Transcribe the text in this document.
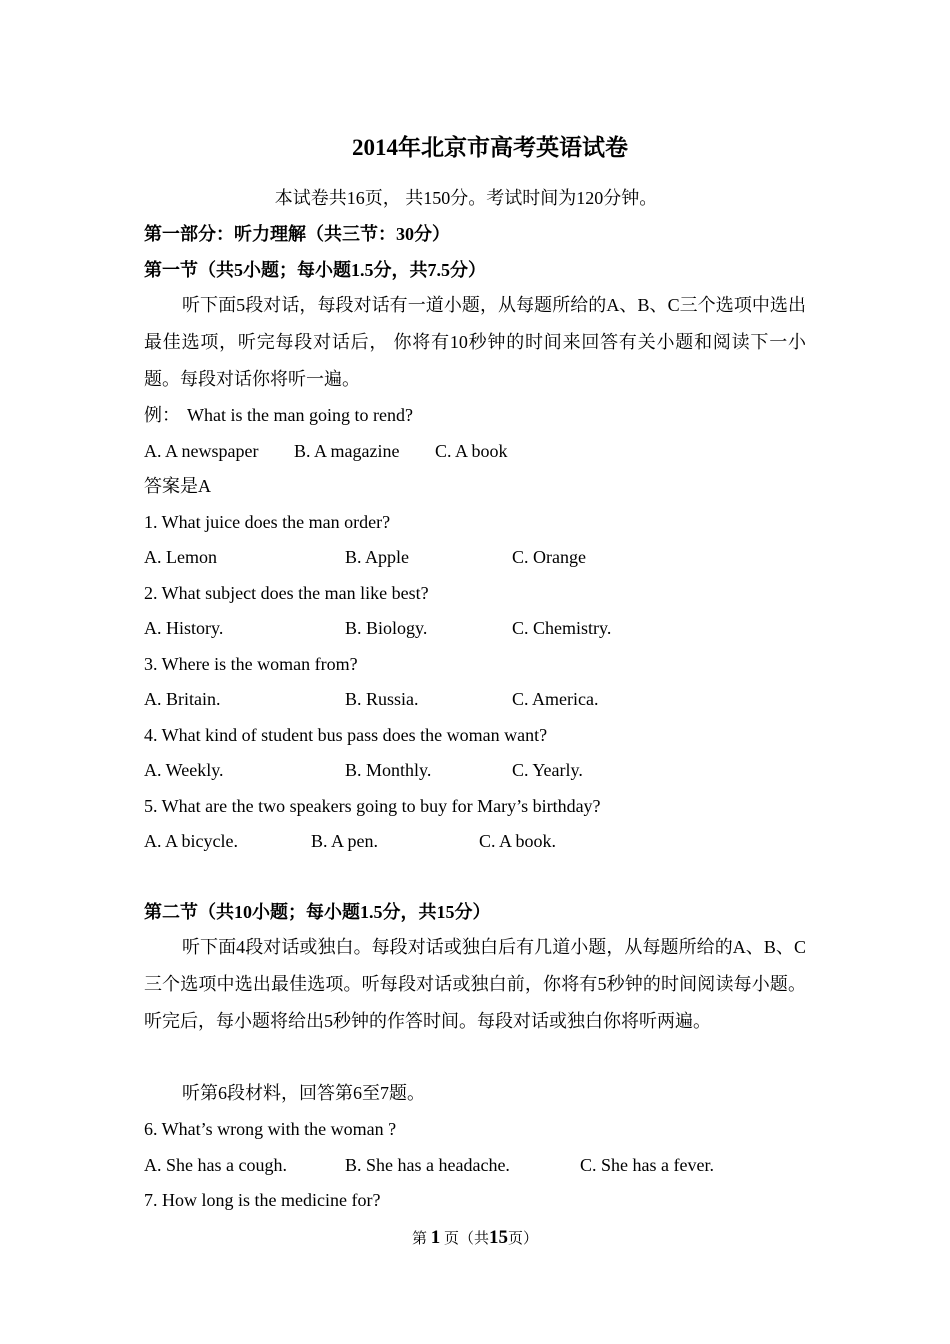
2014年北京市高考英语试卷
本试卷共16页， 共150分。考试时间为120分钟。
第一部分：听力理解（共三节：30分）
第一节（共5小题；每小题1.5分，共7.5分）
听下面5段对话，每段对话有一道小题，从每题所给的A、B、C三个选项中选出最佳选项，听完每段对话后， 你将有10秒钟的时间来回答有关小题和阅读下一小题。每段对话你将听一遍。
例： What is the man going to rend?
A. A newspaper B. A magazine C. A book
答案是A
1. What juice does the man order?
A. Lemon	B. Apple	C. Orange
2. What subject does the man like best?
A. History.	B. Biology.	C. Chemistry.
3. Where is the woman from?
A. Britain.	B. Russia.	C. America.
4. What kind of student bus pass does the woman want?
A. Weekly.	B. Monthly.	C. Yearly.
5. What are the two speakers going to buy for Mary’s birthday?
A. A bicycle.	B. A pen.	C. A book.
第二节（共10小题；每小题1.5分，共15分）
听下面4段对话或独白。每段对话或独白后有几道小题，从每题所给的A、B、C三个选项中选出最佳选项。听每段对话或独白前，你将有5秒钟的时间阅读每小题。听完后，每小题将给出5秒钟的作答时间。每段对话或独白你将听两遍。
听第6段材料，回答第6至7题。
6. What’s wrong with the woman ?
A. She has a cough.	B. She has a headache.	C. She has a fever.
7. How long is the medicine for?
第 1 页（共15页）
